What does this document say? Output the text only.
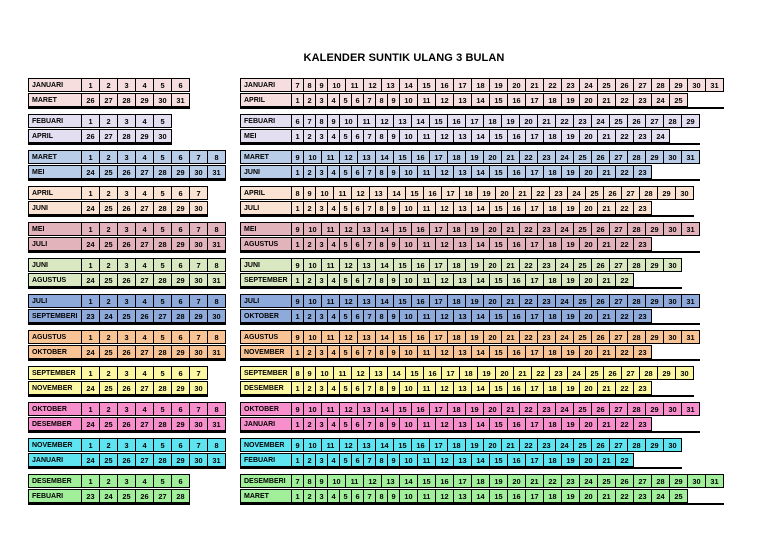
KALENDER SUNTIK ULANG 3 BULAN
JANUARI	1	2	3	4	5	6
MARET	26	27	28	29	30	31
JANUARI	7	8	9	10	11	12	13	14	15	16	17	18	19	20	21	22	23	24	25	26	27	28	29	30	31
APRIL	1	2	3	4	5	6	7	8	9	10	11	12	13	14	15	16	17	18	19	20	21	22	23	24	25
FEBUARI	1	2	3	4	5
APRIL	26	27	28	29	30
FEBUARI	6	7	8	9	10	11	12	13	14	15	16	17	18	19	20	21	22	23	24	25	26	27	28	29
MEI	1	2	3	4	5	6	7	8	9	10	11	12	13	14	15	16	17	18	19	20	21	22	23	24
MARET	1	2	3	4	5	6	7	8
MEI	24	25	26	27	28	29	30	31
MARET	9	10	11	12	13	14	15	16	17	18	19	20	21	22	23	24	25	26	27	28	29	30	31
JUNI	1	2	3	4	5	6	7	8	9	10	11	12	13	14	15	16	17	18	19	20	21	22	23
APRIL	1	2	3	4	5	6	7
JUNI	24	25	26	27	28	29	30
APRIL	8	9	10	11	12	13	14	15	16	17	18	19	20	21	22	23	24	25	26	27	28	29	30
JULI	1	2	3	4	5	6	7	8	9	10	11	12	13	14	15	16	17	18	19	20	21	22	23
MEI	1	2	3	4	5	6	7	8
JULI	24	25	26	27	28	29	30	31
MEI	9	10	11	12	13	14	15	16	17	18	19	20	21	22	23	24	25	26	27	28	29	30	31
AGUSTUS	1	2	3	4	5	6	7	8	9	10	11	12	13	14	15	16	17	18	19	20	21	22	23
JUNI	1	2	3	4	5	6	7	8
AGUSTUS	24	25	26	27	28	29	30	31
JUNI	9	10	11	12	13	14	15	16	17	18	19	20	21	22	23	24	25	26	27	28	29	30
SEPTEMBER	1	2	3	4	5	6	7	8	9	10	11	12	13	14	15	16	17	18	19	20	21	22
JULI	1	2	3	4	5	6	7	8
SEPTEMBERI	23	24	25	26	27	28	29	30
JULI	9	10	11	12	13	14	15	16	17	18	19	20	21	22	23	24	25	26	27	28	29	30	31
OKTOBER	1	2	3	4	5	6	7	8	9	10	11	12	13	14	15	16	17	18	19	20	21	22	23
AGUSTUS	1	2	3	4	5	6	7	8
OKTOBER	24	25	26	27	28	29	30	31
AGUSTUS	9	10	11	12	13	14	15	16	17	18	19	20	21	22	23	24	25	26	27	28	29	30	31
NOVEMBER	1	2	3	4	5	6	7	8	9	10	11	12	13	14	15	16	17	18	19	20	21	22	23
SEPTEMBER	1	2	3	4	5	6	7
NOVEMBER	24	25	26	27	28	29	30
SEPTEMBER	8	9	10	11	12	13	14	15	16	17	18	19	20	21	22	23	24	25	26	27	28	29	30
DESEMBER	1	2	3	4	5	6	7	8	9	10	11	12	13	14	15	16	17	18	19	20	21	22	23
OKTOBER	1	2	3	4	5	6	7	8
DESEMBER	24	25	26	27	28	29	30	31
OKTOBER	9	10	11	12	13	14	15	16	17	18	19	20	21	22	23	24	25	26	27	28	29	30	31
JANUARI	1	2	3	4	5	6	7	8	9	10	11	12	13	14	15	16	17	18	19	20	21	22	23
NOVEMBER	1	2	3	4	5	6	7	8
JANUARI	24	25	26	27	28	29	30	31
NOVEMBER	9	10	11	12	13	14	15	16	17	18	19	20	21	22	23	24	25	26	27	28	29	30
FEBUARI	1	2	3	4	5	6	7	8	9	10	11	12	13	14	15	16	17	18	19	20	21	22
DESEMBER	1	2	3	4	5	6
FEBUARI	23	24	25	26	27	28
DESEMBERI	7	8	9	10	11	12	13	14	15	16	17	18	19	20	21	22	23	24	25	26	27	28	29	30	31
MARET	1	2	3	4	5	6	7	8	9	10	11	12	13	14	15	16	17	18	19	20	21	22	23	24	25
